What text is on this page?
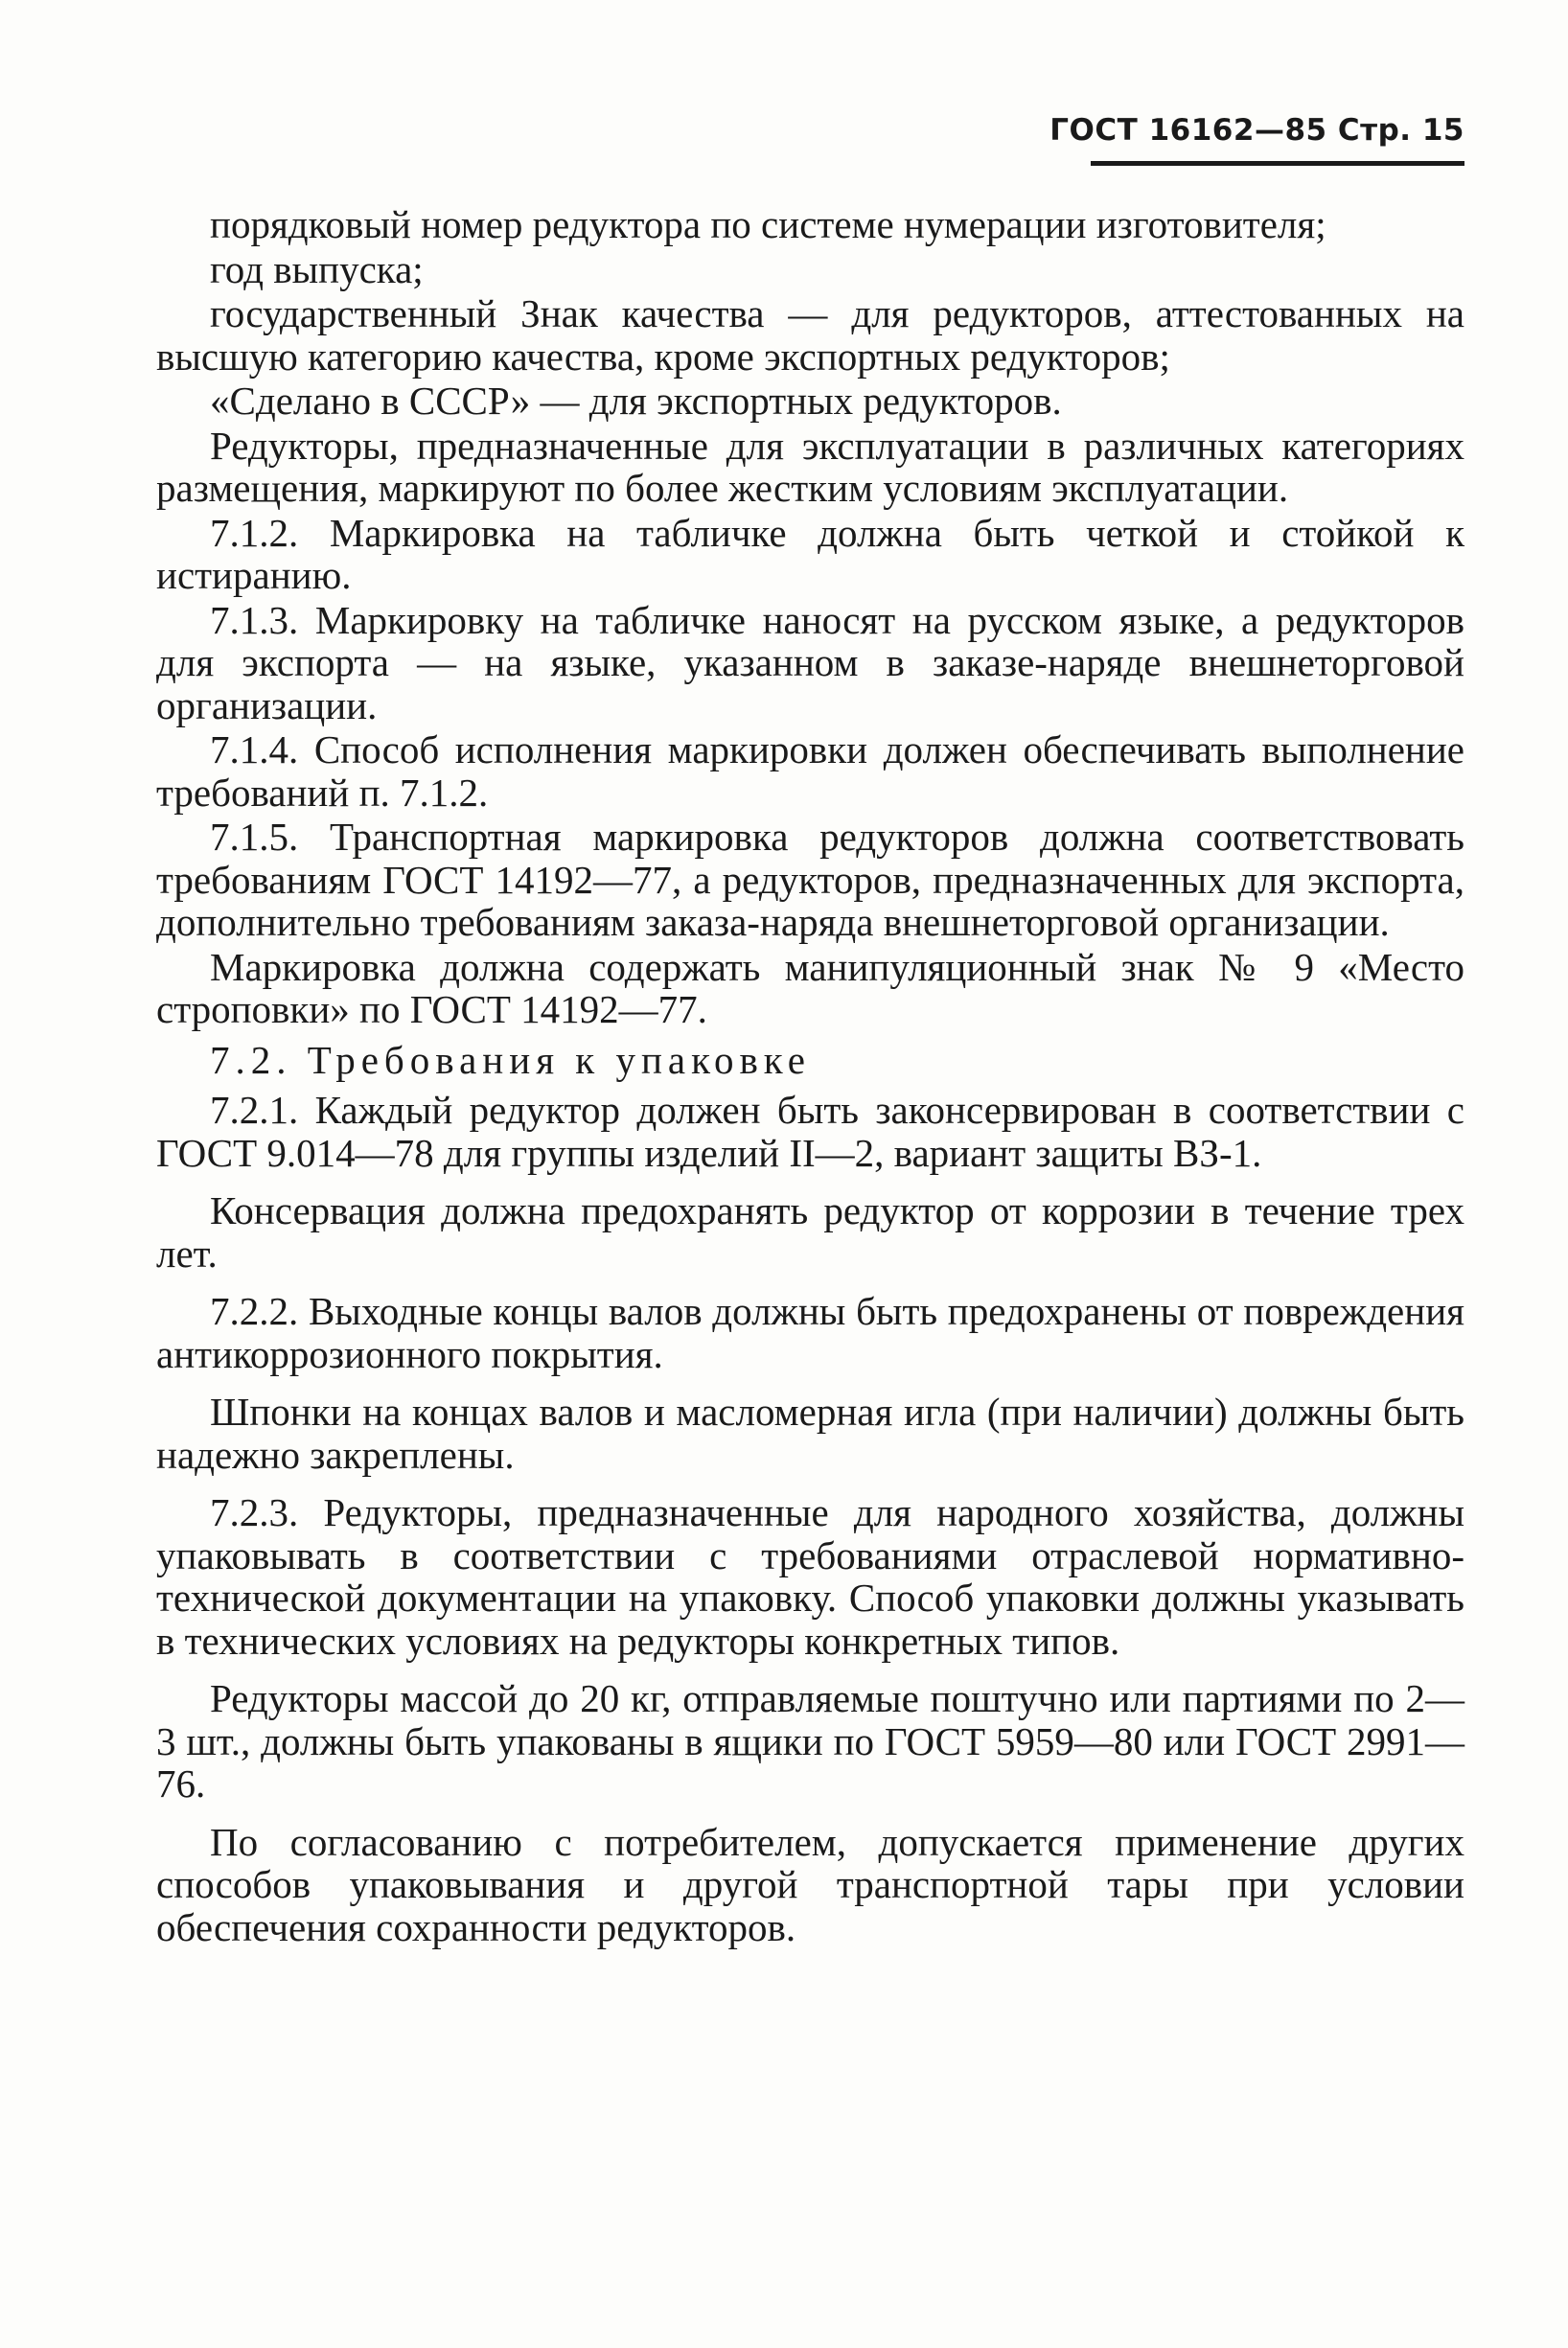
ГОСТ 16162—85 Стр. 15

порядковый номер редуктора по системе нумерации изготовителя;

год выпуска;

государственный Знак качества — для редукторов, аттестованных на высшую категорию качества, кроме экспортных редукторов;

«Сделано в СССР» — для экспортных редукторов.

Редукторы, предназначенные для эксплуатации в различных категориях размещения, маркируют по более жестким условиям эксплуатации.

7.1.2. Маркировка на табличке должна быть четкой и стойкой к истиранию.

7.1.3. Маркировку на табличке наносят на русском языке, а редукторов для экспорта — на языке, указанном в заказе-наряде внешнеторговой организации.

7.1.4. Способ исполнения маркировки должен обеспечивать выполнение требований п. 7.1.2.

7.1.5. Транспортная маркировка редукторов должна соответствовать требованиям ГОСТ 14192—77, а редукторов, предназначенных для экспорта, дополнительно требованиям заказа-наряда внешнеторговой организации.

Маркировка должна содержать манипуляционный знак № 9 «Место строповки» по ГОСТ 14192—77.

7.2. Требования к упаковке

7.2.1. Каждый редуктор должен быть законсервирован в соответствии с ГОСТ 9.014—78 для группы изделий II—2, вариант защиты ВЗ-1.

Консервация должна предохранять редуктор от коррозии в течение трех лет.

7.2.2. Выходные концы валов должны быть предохранены от повреждения антикоррозионного покрытия.

Шпонки на концах валов и масломерная игла (при наличии) должны быть надежно закреплены.

7.2.3. Редукторы, предназначенные для народного хозяйства, должны упаковывать в соответствии с требованиями отраслевой нормативно-технической документации на упаковку. Способ упаковки должны указывать в технических условиях на редукторы конкретных типов.

Редукторы массой до 20 кг, отправляемые поштучно или партиями по 2—3 шт., должны быть упакованы в ящики по ГОСТ 5959—80 или ГОСТ 2991—76.

По согласованию с потребителем, допускается применение других способов упаковывания и другой транспортной тары при условии обеспечения сохранности редукторов.
